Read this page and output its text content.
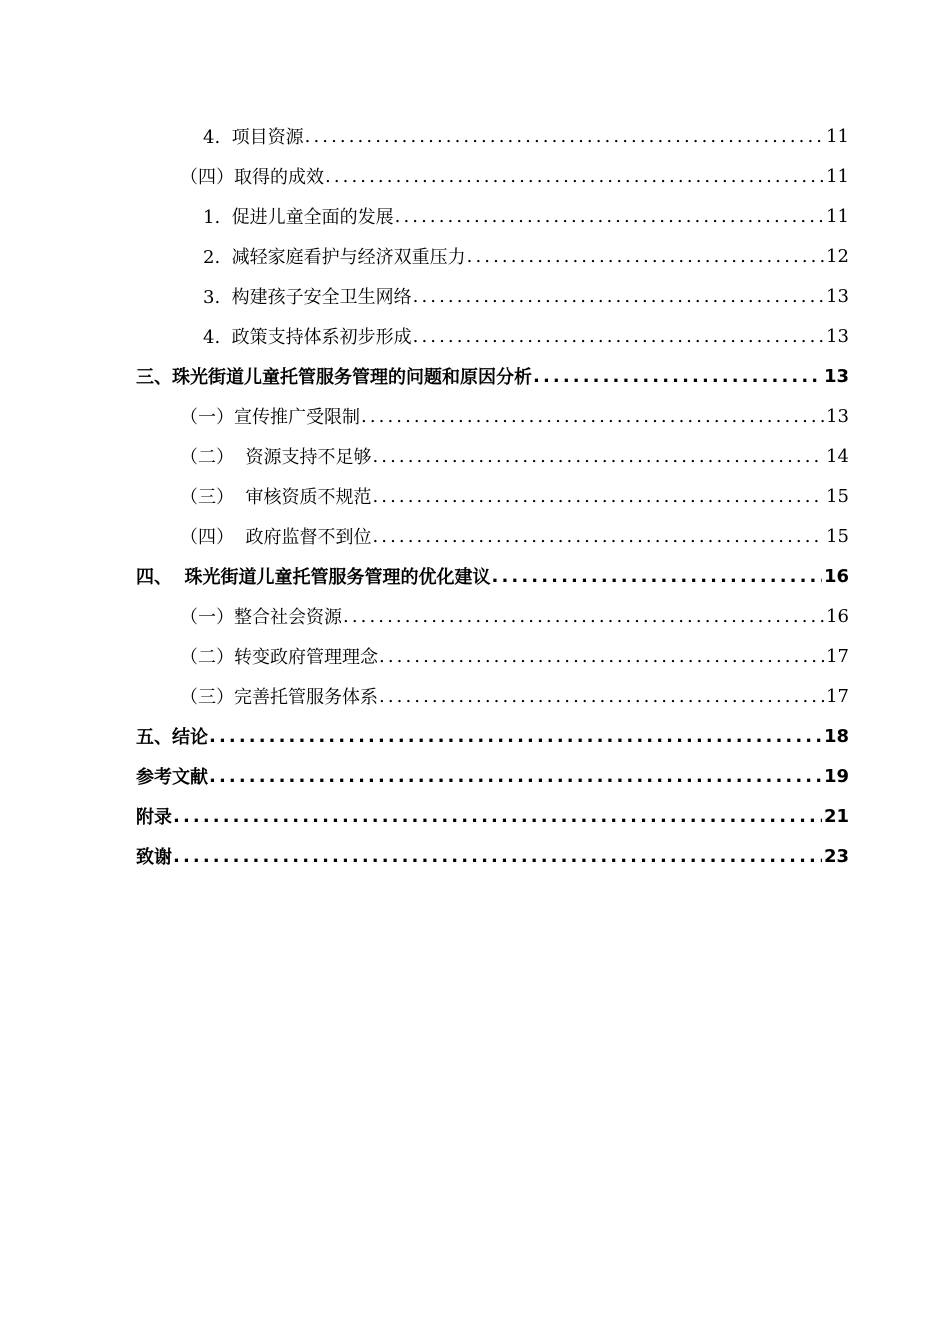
4.  项目资源 .....	11
（四）取得的成效 .....	11
1.  促进儿童全面的发展 .....	11
2.  减轻家庭看护与经济双重压力 .....	12
3.  构建孩子安全卫生网络 .....	13
4.  政策支持体系初步形成 .....	13
三、珠光街道儿童托管服务管理的问题和原因分析 .....	13
（一）宣传推广受限制 .....	13
（二）  资源支持不足够 .....	14
（三）  审核资质不规范 .....	15
（四）  政府监督不到位 .....	15
四、  珠光街道儿童托管服务管理的优化建议 .....	16
（一）整合社会资源 .....	16
（二）转变政府管理理念 .....	17
（三）完善托管服务体系 .....	17
五、结论 .....	18
参考文献 .....	19
附录 .....	21
致谢 .....	23
